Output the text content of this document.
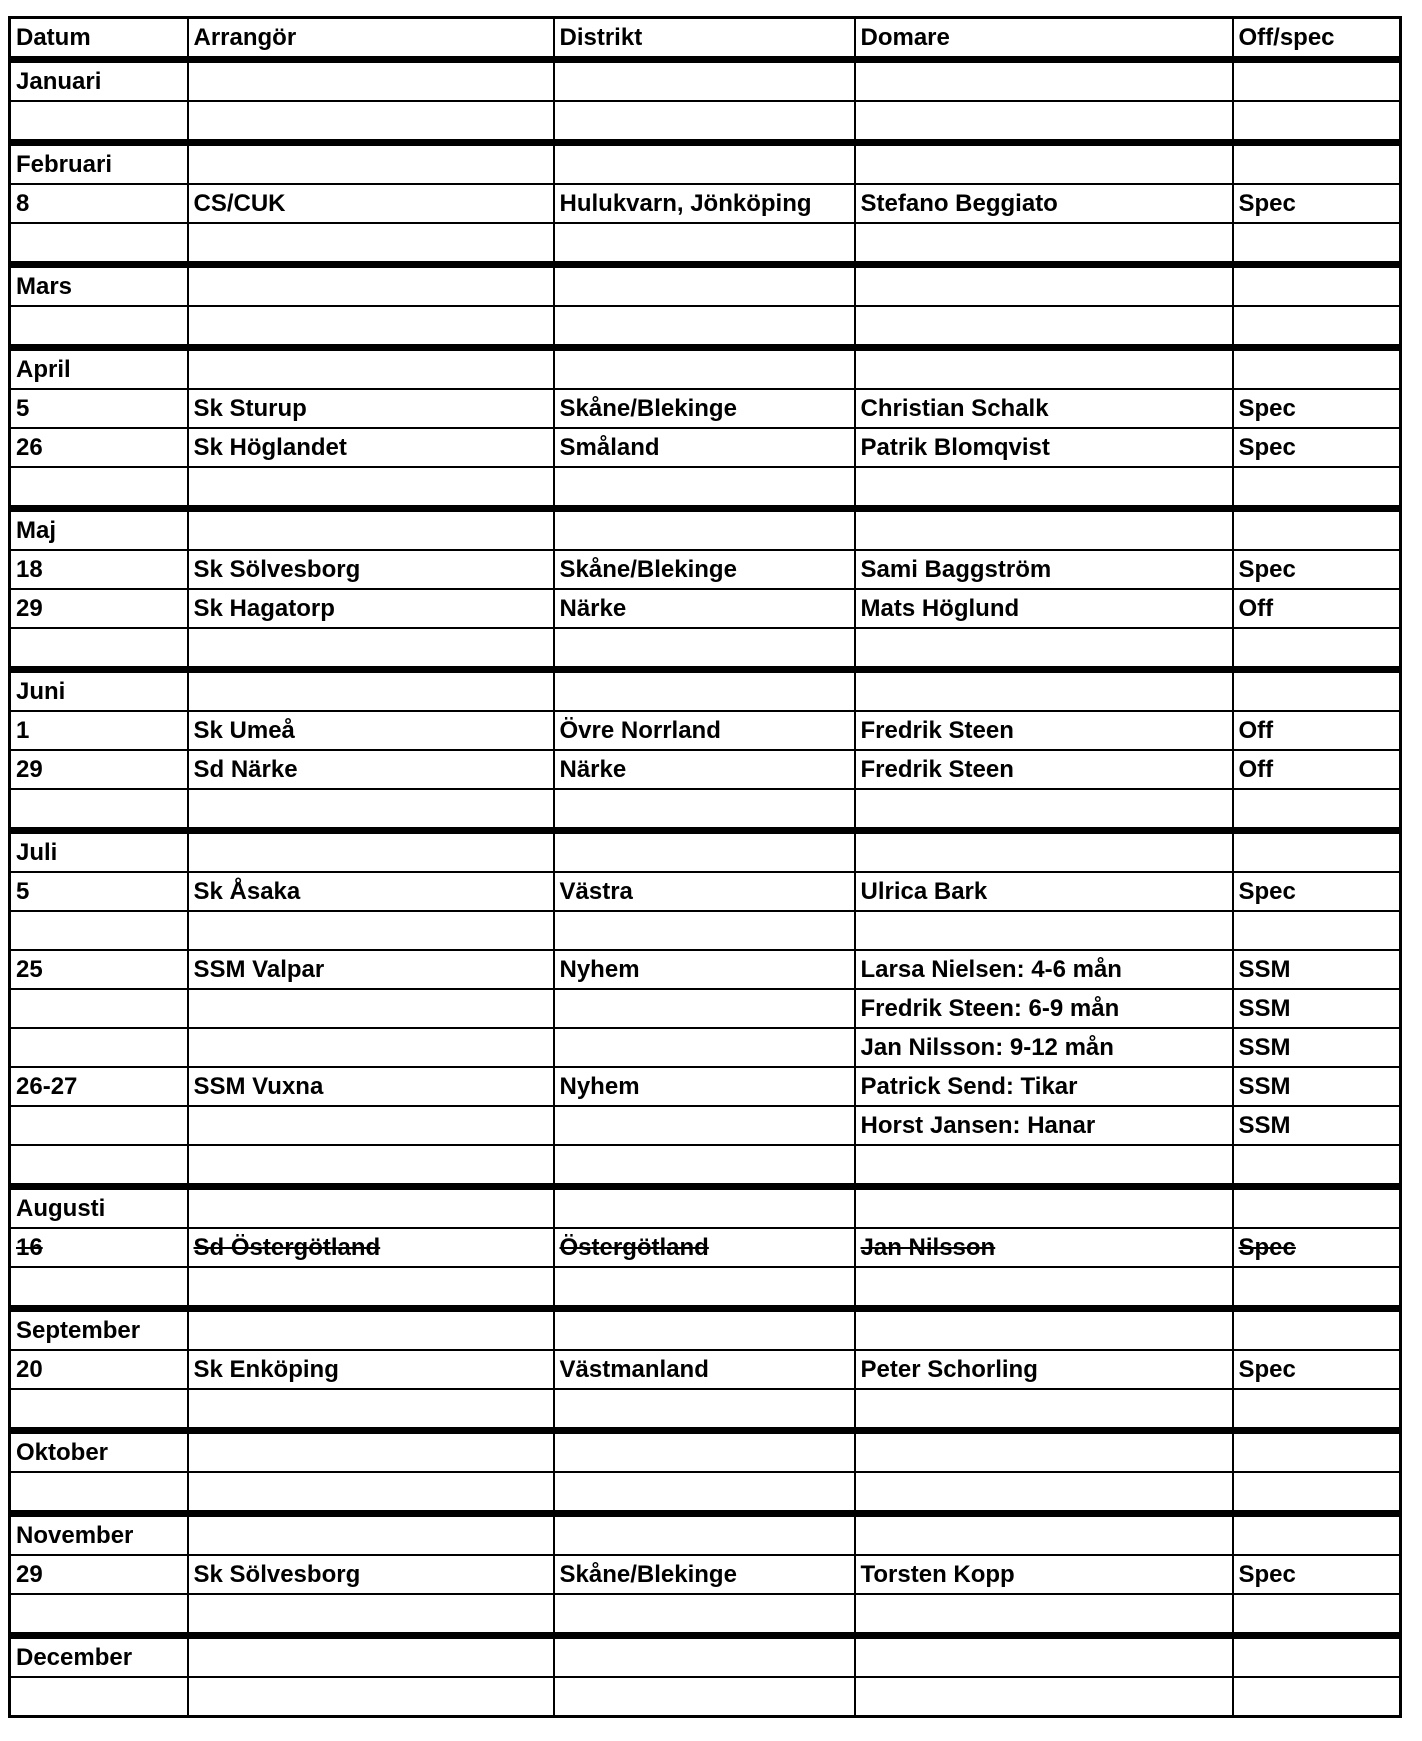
Datum	Arrangör	Distrikt	Domare	Off/spec
Januari				

Februari				
8	CS/CUK	Hulukvarn, Jönköping	Stefano Beggiato	Spec

Mars				

April				
5	Sk Sturup	Skåne/Blekinge	Christian Schalk	Spec
26	Sk Höglandet	Småland	Patrik Blomqvist	Spec

Maj				
18	Sk Sölvesborg	Skåne/Blekinge	Sami Baggström	Spec
29	Sk Hagatorp	Närke	Mats Höglund	Off

Juni				
1	Sk Umeå	Övre Norrland	Fredrik Steen	Off
29	Sd Närke	Närke	Fredrik Steen	Off

Juli				
5	Sk Åsaka	Västra	Ulrica Bark	Spec

25	SSM Valpar	Nyhem	Larsa Nielsen: 4-6 mån	SSM
			Fredrik Steen: 6-9 mån	SSM
			Jan Nilsson: 9-12 mån	SSM
26-27	SSM Vuxna	Nyhem	Patrick Send: Tikar	SSM
			Horst Jansen: Hanar	SSM

Augusti				
16	Sd Östergötland	Östergötland	Jan Nilsson	Spec

September				
20	Sk Enköping	Västmanland	Peter Schorling	Spec

Oktober				

November				
29	Sk Sölvesborg	Skåne/Blekinge	Torsten Kopp	Spec

December				
